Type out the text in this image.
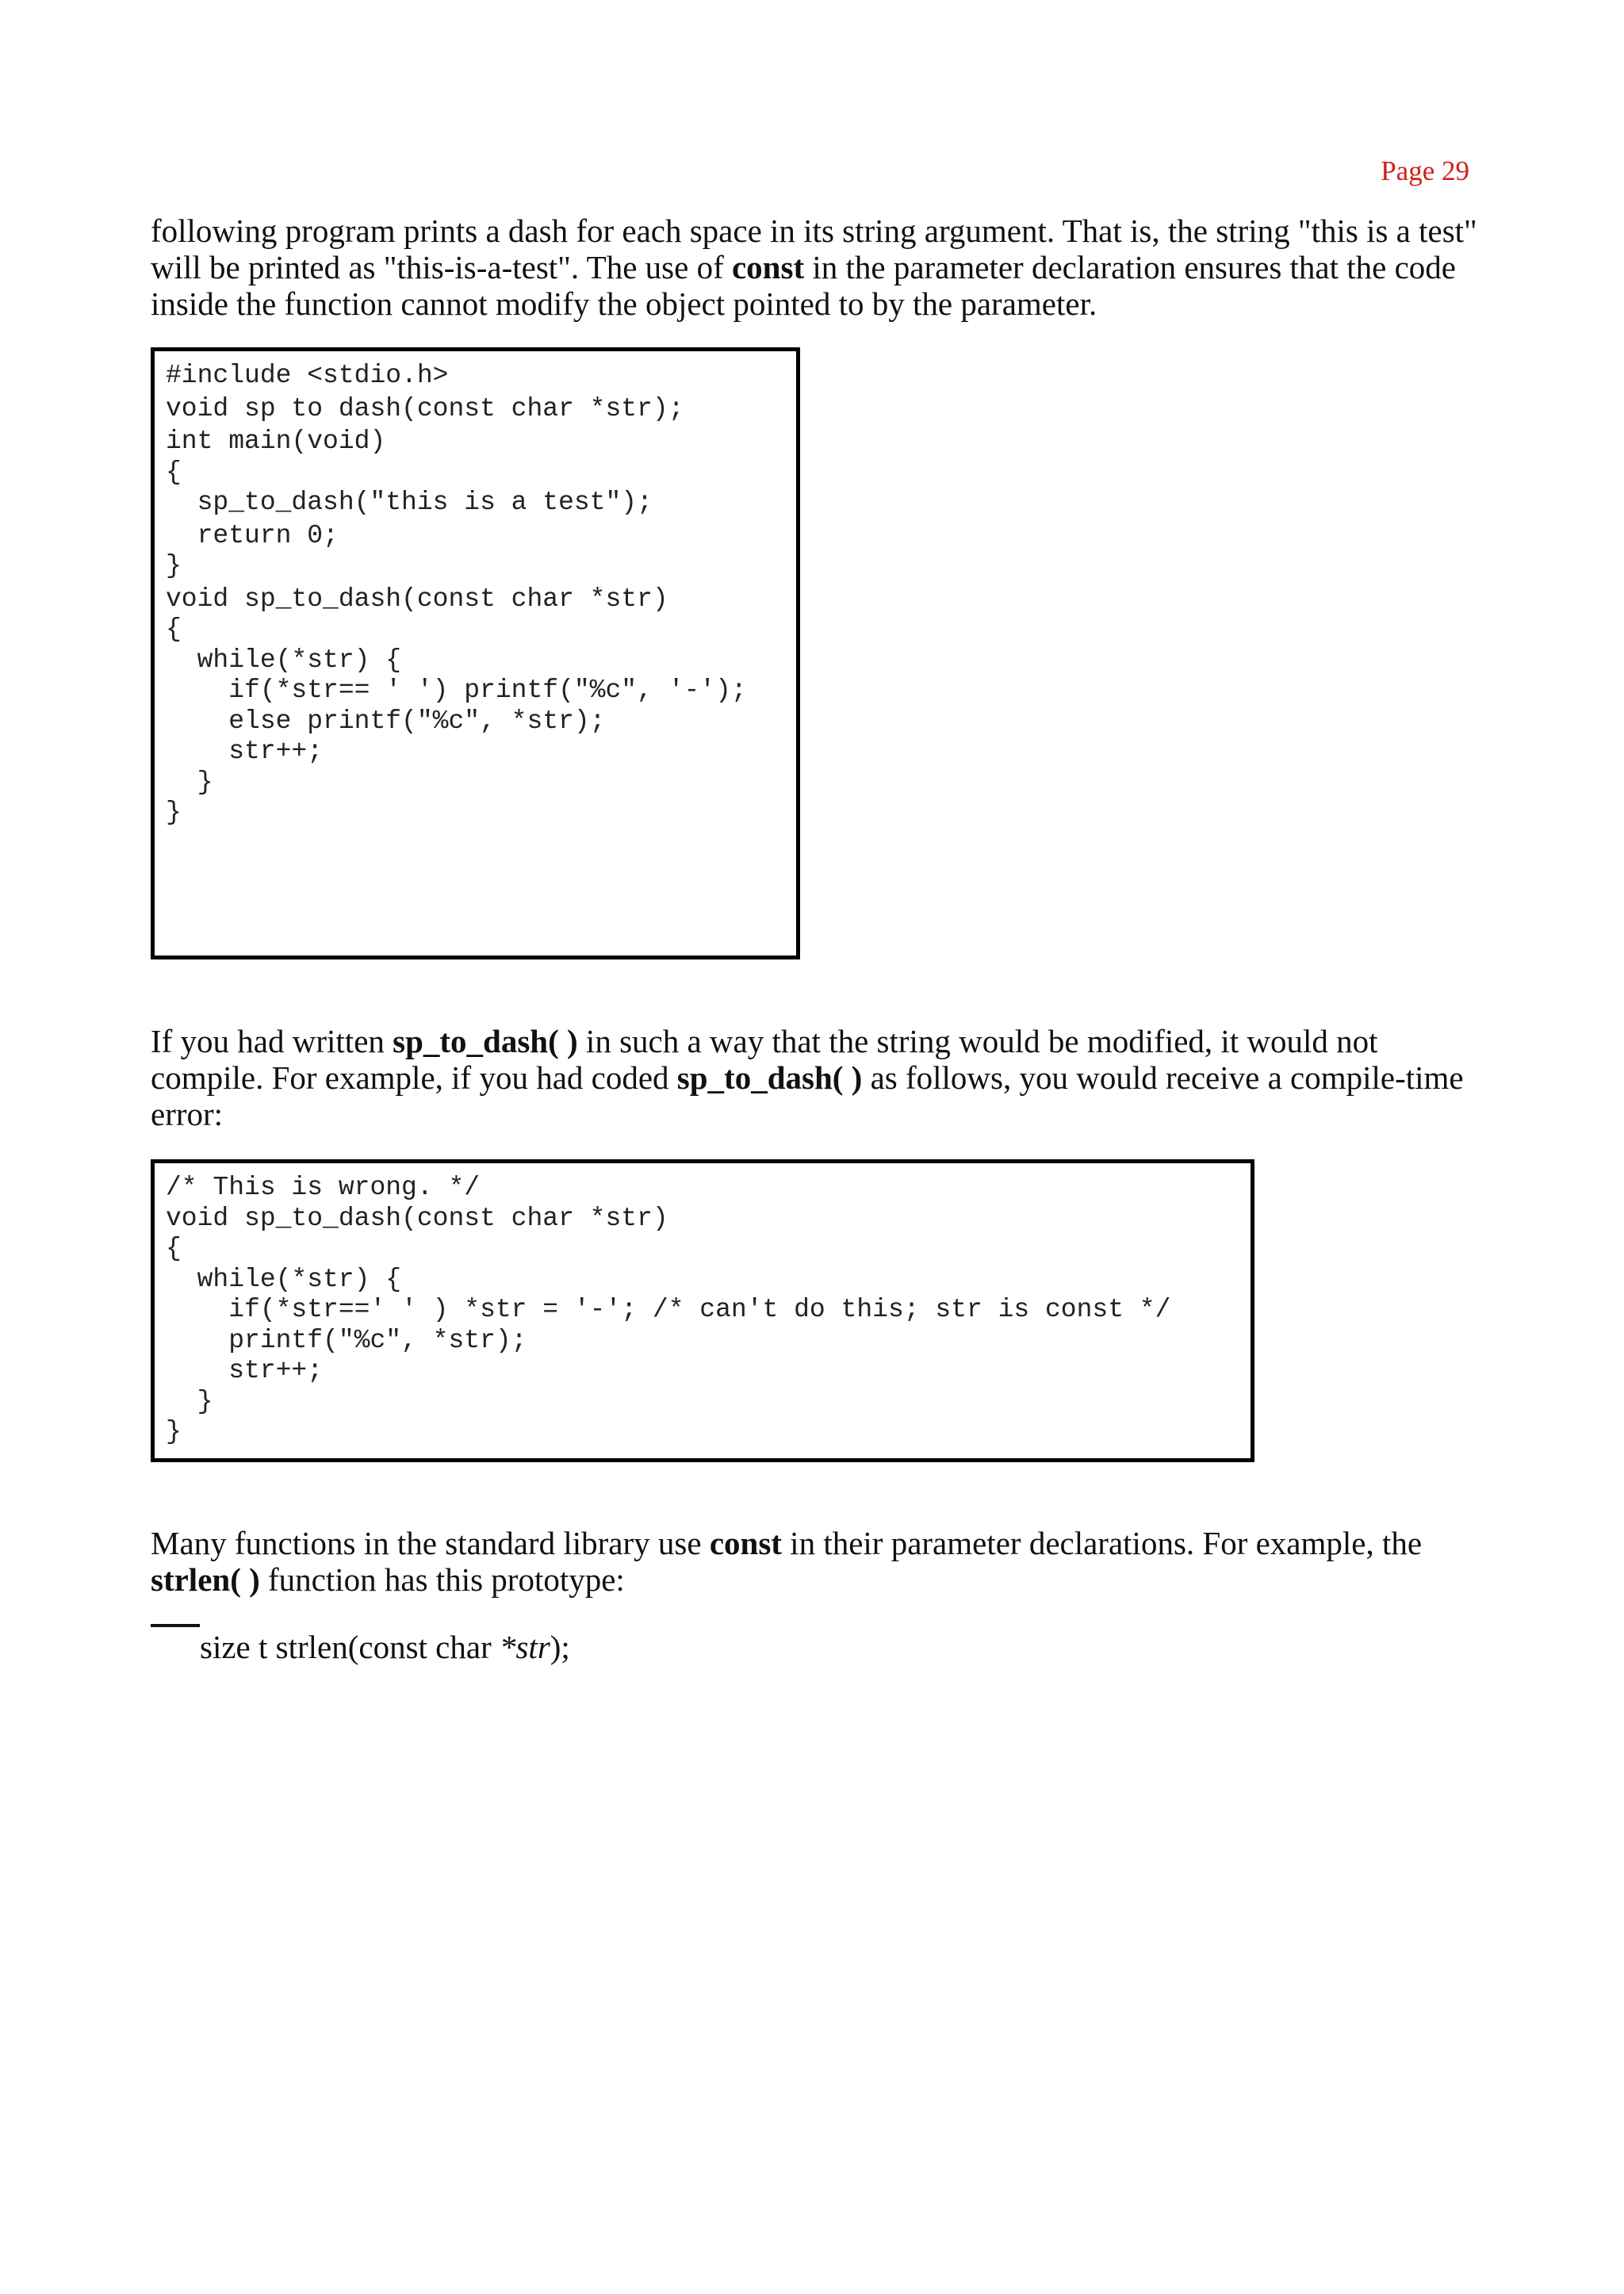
Page 29

following program prints a dash for each space in its string argument. That is, the string "this is a test" will be printed as "this-is-a-test". The use of const in the parameter declaration ensures that the code inside the function cannot modify the object pointed to by the parameter.

#include <stdio.h>
void sp to dash(const char *str);
int main(void)
{
sp_to_dash("this is a test");
return 0;
}
void sp_to_dash(const char *str)
{
while(*str) {
if(*str== ' ') printf("%c", '-');
else printf("%c", *str);
str++;
}
}

If you had written sp_to_dash( ) in such a way that the string would be modified, it would not compile. For example, if you had coded sp_to_dash( ) as follows, you would receive a compile-time error:

/* This is wrong. */
void sp_to_dash(const char *str)
{
while(*str) {
if(*str==' ' ) *str = '-'; /* can't do this; str is const */
printf("%c", *str);
str++;
}
}

Many functions in the standard library use const in their parameter declarations. For example, the strlen( ) function has this prototype:

size t strlen(const char *str);
